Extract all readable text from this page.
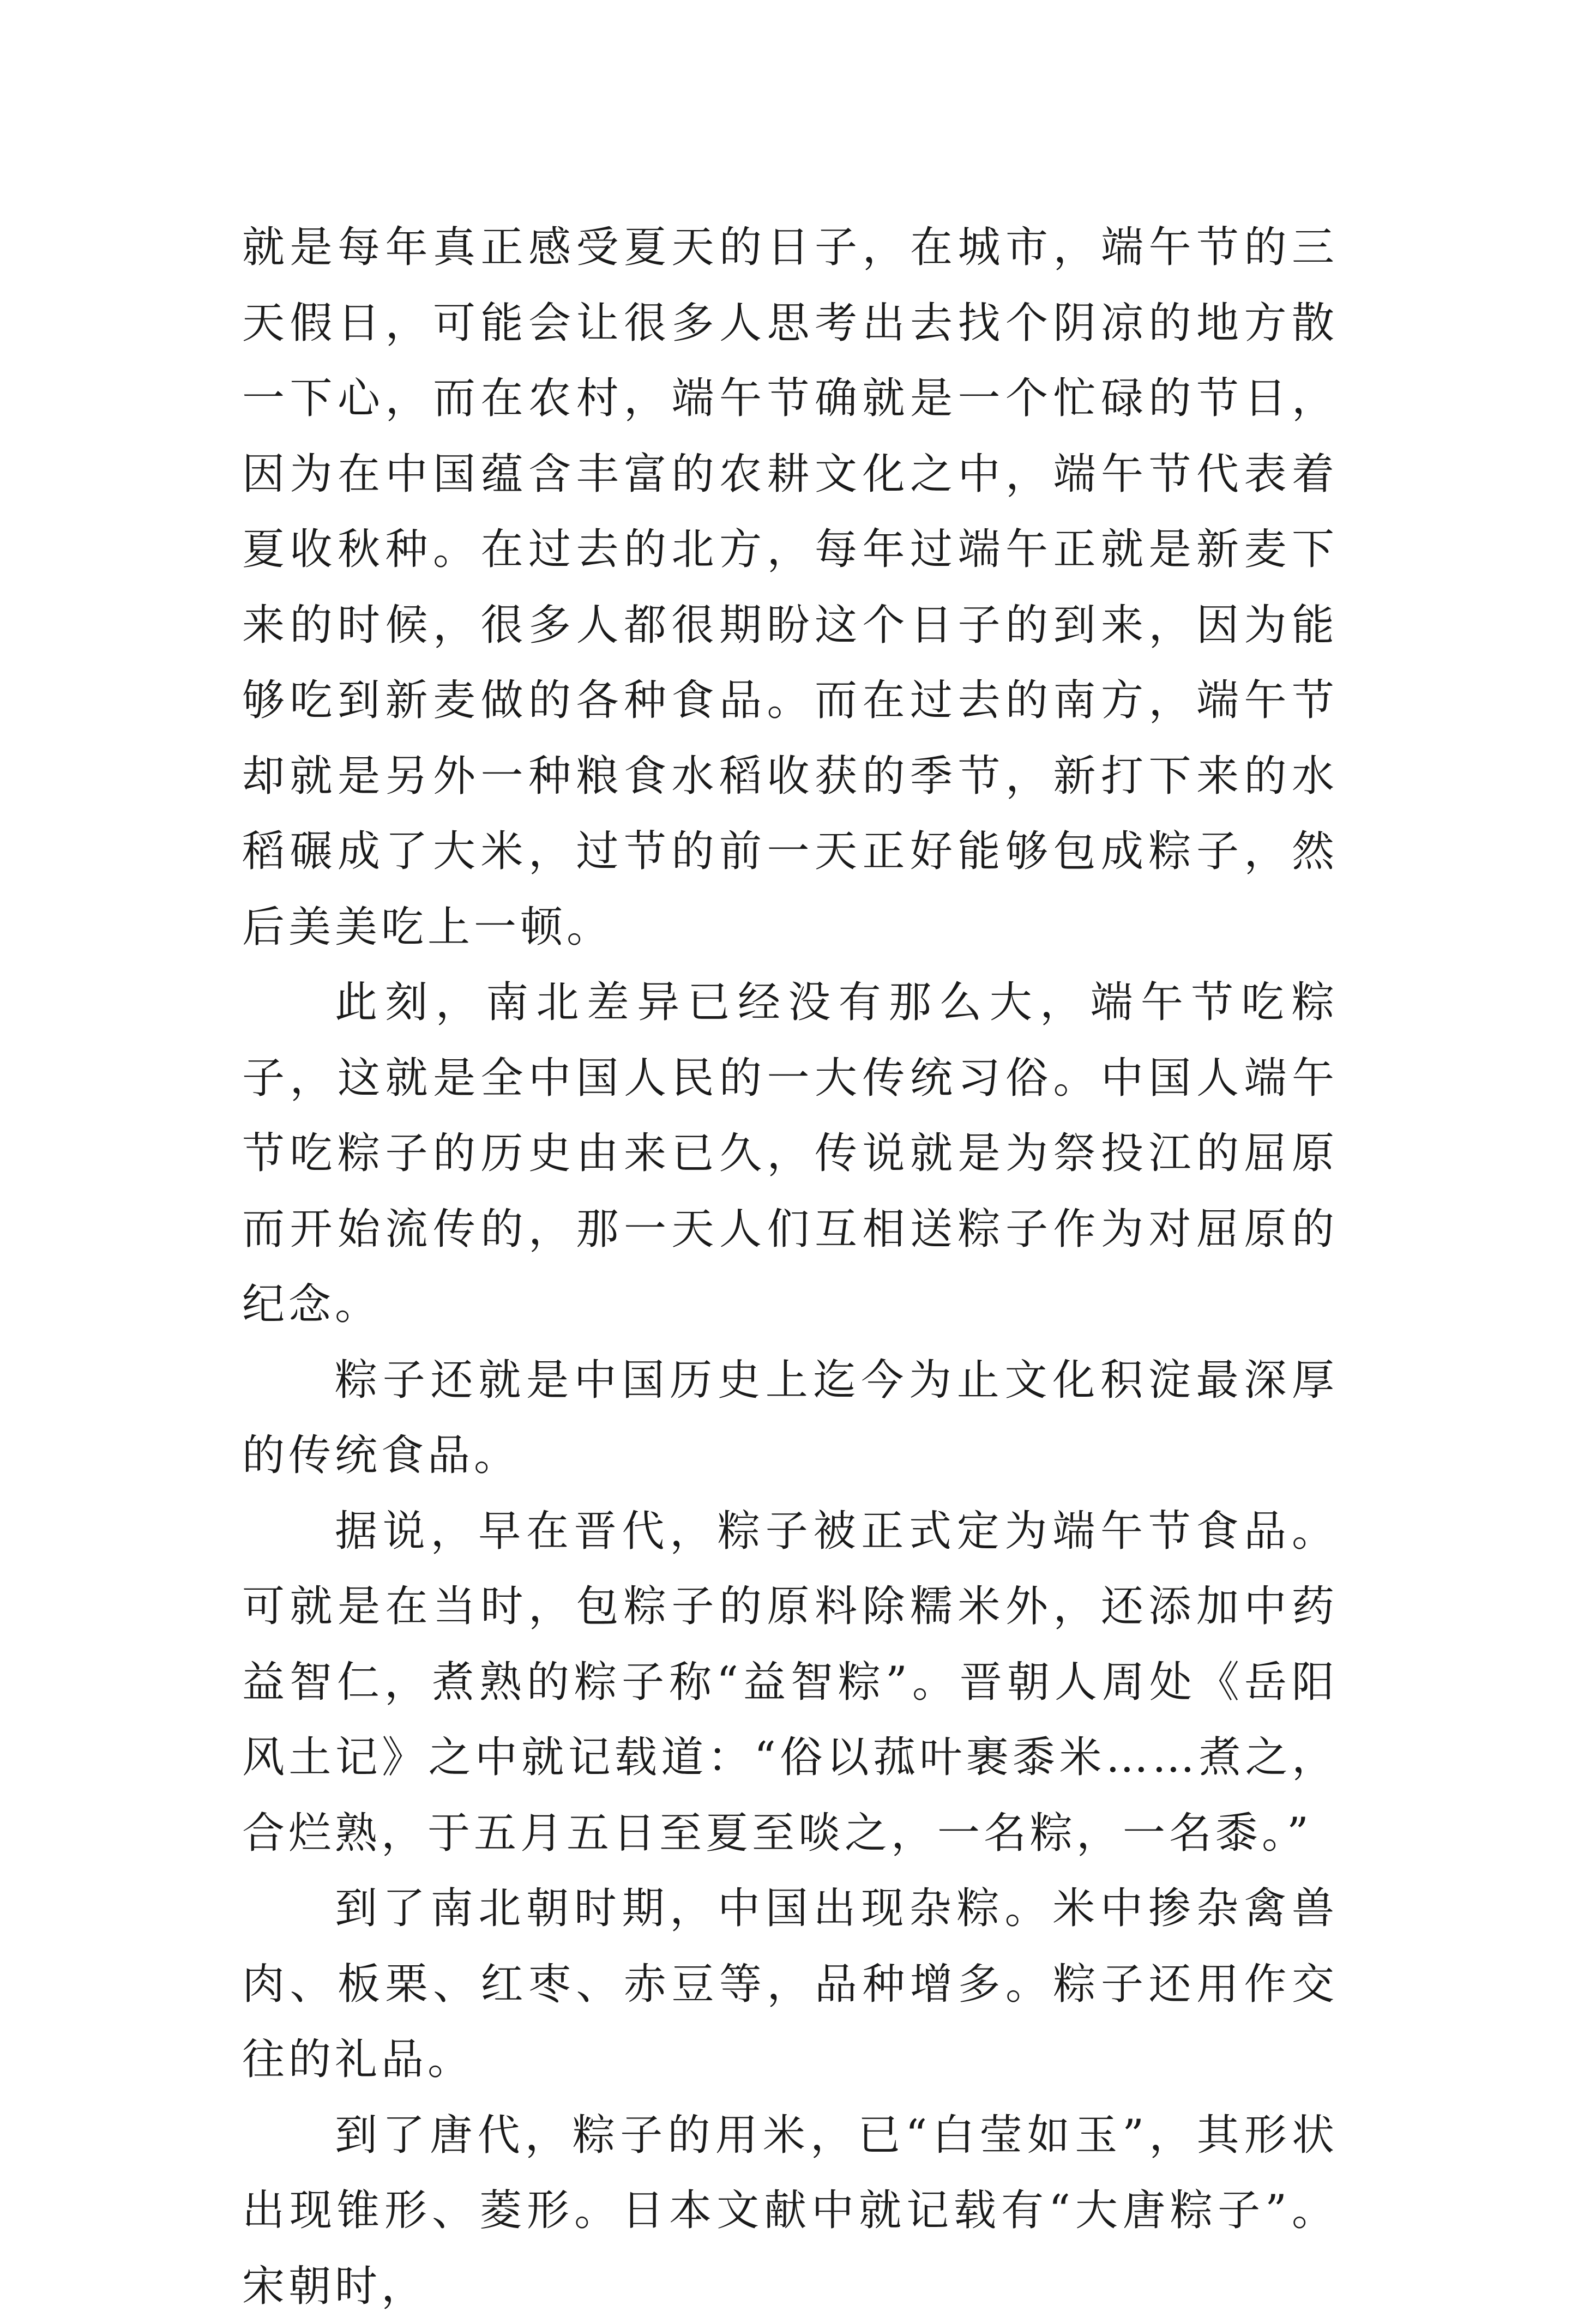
就是每年真正感受夏天的日子，在城市，端午节的三天假日，可能会让很多人思考出去找个阴凉的地方散一下心，而在农村，端午节确就是一个忙碌的节日，因为在中国蕴含丰富的农耕文化之中，端午节代表着夏收秋种。在过去的北方，每年过端午正就是新麦下来的时候，很多人都很期盼这个日子的到来，因为能够吃到新麦做的各种食品。而在过去的南方，端午节却就是另外一种粮食水稻收获的季节，新打下来的水稻碾成了大米，过节的前一天正好能够包成粽子，然后美美吃上一顿。

此刻，南北差异已经没有那么大，端午节吃粽子，这就是全中国人民的一大传统习俗。中国人端午节吃粽子的历史由来已久，传说就是为祭投江的屈原而开始流传的，那一天人们互相送粽子作为对屈原的纪念。

粽子还就是中国历史上迄今为止文化积淀最深厚的传统食品。

据说，早在晋代，粽子被正式定为端午节食品。可就是在当时，包粽子的原料除糯米外，还添加中药益智仁，煮熟的粽子称“益智粽”。晋朝人周处《岳阳风土记》之中就记载道：“俗以菰叶裹黍米……煮之，合烂熟，于五月五日至夏至啖之，一名粽，一名黍。”

到了南北朝时期，中国出现杂粽。米中掺杂禽兽肉、板栗、红枣、赤豆等，品种增多。粽子还用作交往的礼品。

到了唐代，粽子的用米，已“白莹如玉”，其形状出现锥形、菱形。日本文献中就记载有“大唐粽子”。宋朝时，
